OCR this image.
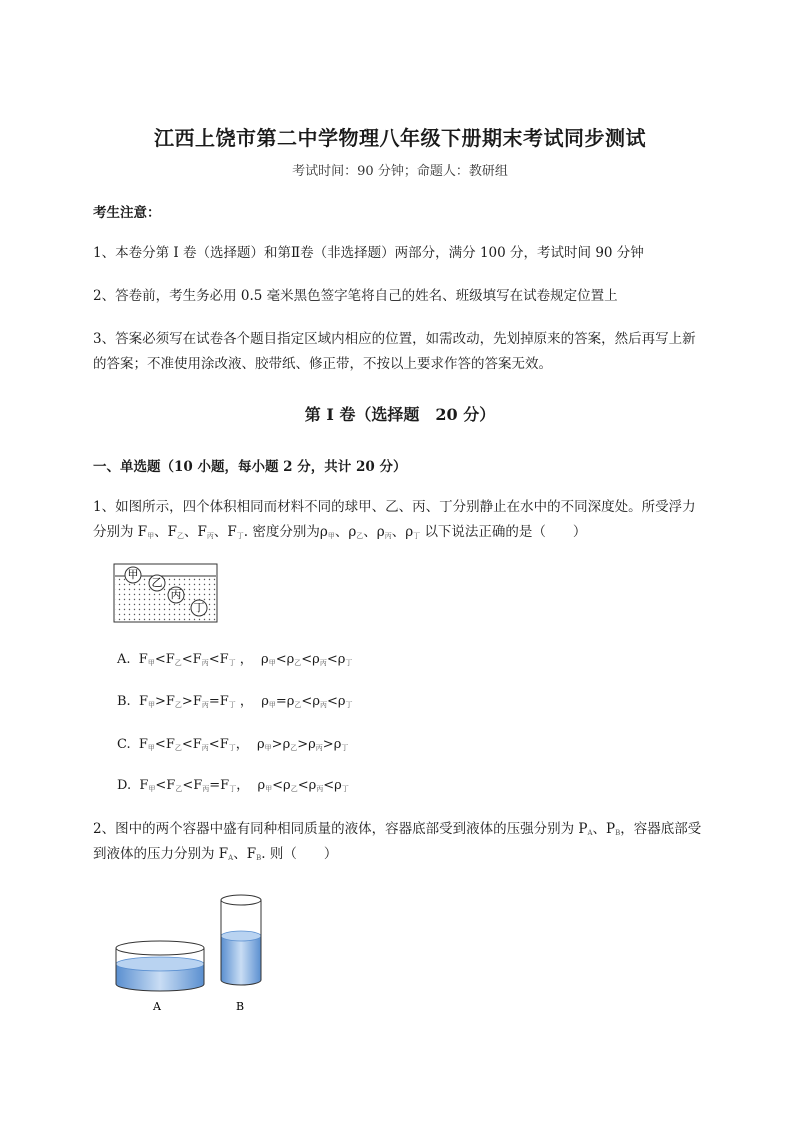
江西上饶市第二中学物理八年级下册期末考试同步测试
考试时间：90 分钟；命题人：教研组
考生注意：
1、本卷分第 I 卷（选择题）和第Ⅱ卷（非选择题）两部分，满分 100 分，考试时间 90 分钟
2、答卷前，考生务必用 0.5 毫米黑色签字笔将自己的姓名、班级填写在试卷规定位置上
3、答案必须写在试卷各个题目指定区域内相应的位置，如需改动，先划掉原来的答案，然后再写上新
的答案；不准使用涂改液、胶带纸、修正带，不按以上要求作答的答案无效。
第 I 卷（选择题　20 分）
一、单选题（10 小题，每小题 2 分，共计 20 分）
1、如图所示，四个体积相同而材料不同的球甲、乙、丙、丁分别静止在水中的不同深度处。所受浮力
分别为 $F_甲$、$F_乙$、$F_丙$、$F_丁$. 密度分别为$\rho_甲$、$\rho_乙$、$\rho_丙$、$\rho_丁$ 以下说法正确的是（　　）
甲
乙
丙
丁
A.  $F_甲<F_乙<F_丙<F_丁$ ，  $\rho_甲<\rho_乙<\rho_丙<\rho_丁$
B.  $F_甲>F_乙>F_丙=F_丁$ ，  $\rho_甲=\rho_乙<\rho_丙<\rho_丁$
C.  $F_甲<F_乙<F_丙<F_丁$，  $\rho_甲>\rho_乙>\rho_丙>\rho_丁$
D.  $F_甲<F_乙<F_丙=F_丁$，  $\rho_甲<\rho_乙<\rho_丙<\rho_丁$
2、图中的两个容器中盛有同种相同质量的液体，容器底部受到液体的压强分别为 $P_A$、$P_B$，容器底部受
到液体的压力分别为 $F_A$、$F_B$. 则（　　）
A	B
